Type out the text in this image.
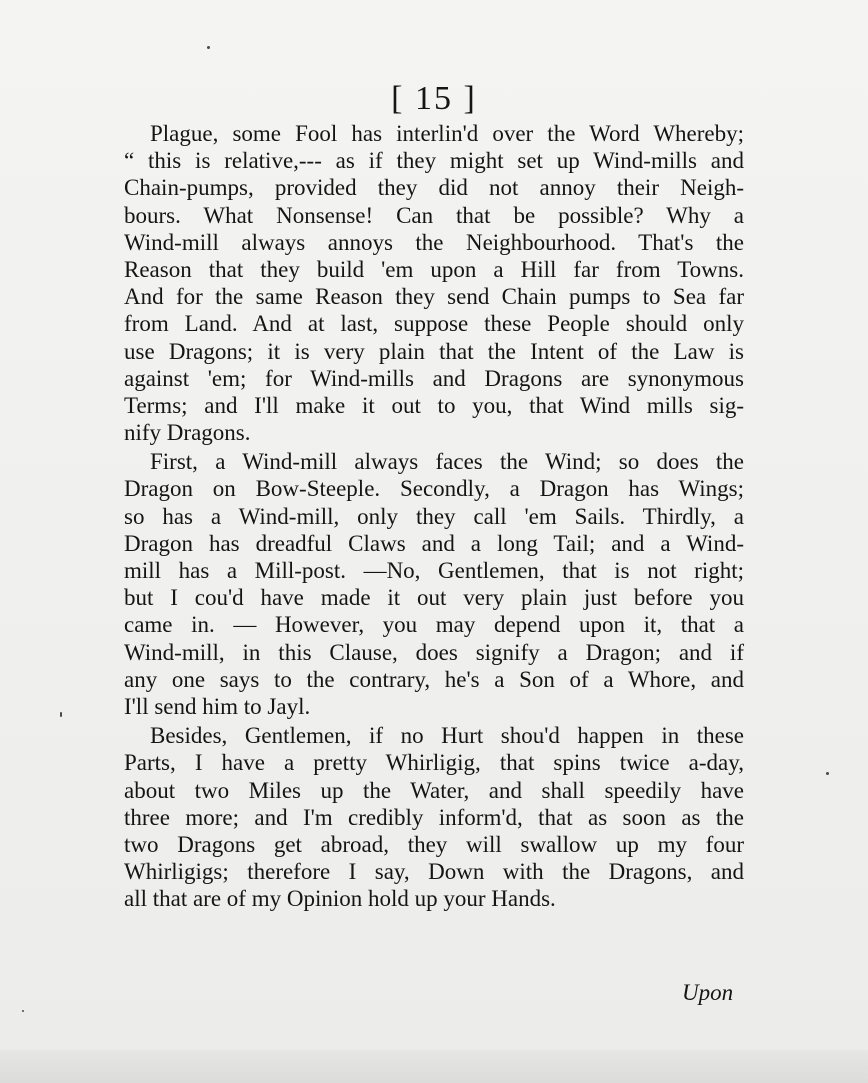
[ 15 ]
Plague, some Fool has interlin'd over the Word Whereby;
“ this is relative,--- as if they might set up Wind-mills and
Chain-pumps, provided they did not annoy their Neigh-
bours. What Nonsense! Can that be possible? Why a
Wind-mill always annoys the Neighbourhood. That's the
Reason that they build 'em upon a Hill far from Towns.
And for the same Reason they send Chain pumps to Sea far
from Land. And at last, suppose these People should only
use Dragons; it is very plain that the Intent of the Law is
against 'em; for Wind-mills and Dragons are synonymous
Terms; and I'll make it out to you, that Wind mills sig-
nify Dragons.
First, a Wind-mill always faces the Wind; so does the
Dragon on Bow-Steeple. Secondly, a Dragon has Wings;
so has a Wind-mill, only they call 'em Sails. Thirdly, a
Dragon has dreadful Claws and a long Tail; and a Wind-
mill has a Mill-post. —No, Gentlemen, that is not right;
but I cou'd have made it out very plain just before you
came in. — However, you may depend upon it, that a
Wind-mill, in this Clause, does signify a Dragon; and if
any one says to the contrary, he's a Son of a Whore, and
I'll send him to Jayl.
Besides, Gentlemen, if no Hurt shou'd happen in these
Parts, I have a pretty Whirligig, that spins twice a-day,
about two Miles up the Water, and shall speedily have
three more; and I'm credibly inform'd, that as soon as the
two Dragons get abroad, they will swallow up my four
Whirligigs; therefore I say, Down with the Dragons, and
all that are of my Opinion hold up your Hands.
Upon
